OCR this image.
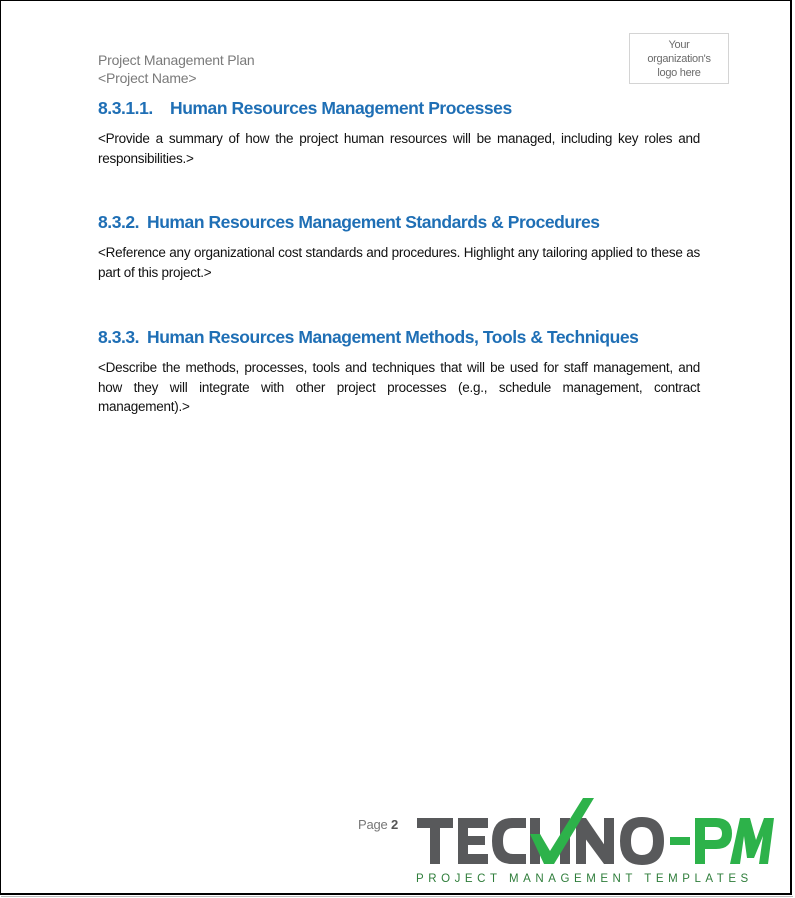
Project Management Plan
<Project Name>
Your
organization's
logo here
8.3.1.1. Human Resources Management Processes
<Provide a summary of how the project human resources will be managed, including key roles and responsibilities.>
8.3.2. Human Resources Management Standards & Procedures
<Reference any organizational cost standards and procedures. Highlight any tailoring applied to these as part of this project.>
8.3.3. Human Resources Management Methods, Tools & Techniques
<Describe the methods, processes, tools and techniques that will be used for staff management, and how they will integrate with other project processes (e.g., schedule management, contract management).>
Page 2
PROJECT MANAGEMENT TEMPLATES
